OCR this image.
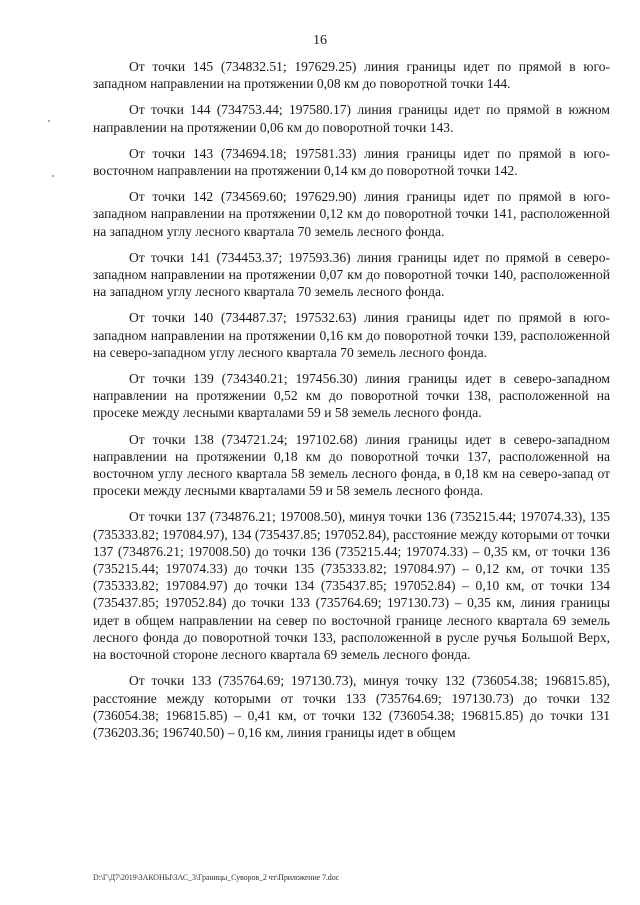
16

От точки 145 (734832.51; 197629.25) линия границы идет по прямой в юго-западном направлении на протяжении 0,08 км до поворотной точки 144.

От точки 144 (734753.44; 197580.17) линия границы идет по прямой в южном направлении на протяжении 0,06 км до поворотной точки 143.

От точки 143 (734694.18; 197581.33) линия границы идет по прямой в юго-восточном направлении на протяжении 0,14 км до поворотной точки 142.

От точки 142 (734569.60; 197629.90) линия границы идет по прямой в юго-западном направлении на протяжении 0,12 км до поворотной точки 141, расположенной на западном углу лесного квартала 70 земель лесного фонда.

От точки 141 (734453.37; 197593.36) линия границы идет по прямой в северо-западном направлении на протяжении 0,07 км до поворотной точки 140, расположенной на западном углу лесного квартала 70 земель лесного фонда.

От точки 140 (734487.37; 197532.63) линия границы идет по прямой в юго-западном направлении на протяжении 0,16 км до поворотной точки 139, расположенной на северо-западном углу лесного квартала 70 земель лесного фонда.

От точки 139 (734340.21; 197456.30) линия границы идет в северо-западном направлении на протяжении 0,52 км до поворотной точки 138, расположенной на просеке между лесными кварталами 59 и 58 земель лесного фонда.

От точки 138 (734721.24; 197102.68) линия границы идет в северо-западном направлении на протяжении 0,18 км до поворотной точки 137, расположенной на восточном углу лесного квартала 58 земель лесного фонда, в 0,18 км на северо-запад от просеки между лесными кварталами 59 и 58 земель лесного фонда.

От точки 137 (734876.21; 197008.50), минуя точки 136 (735215.44; 197074.33), 135 (735333.82; 197084.97), 134 (735437.85; 197052.84), расстояние между которыми от точки 137 (734876.21; 197008.50) до точки 136 (735215.44; 197074.33) – 0,35 км, от точки 136 (735215.44; 197074.33) до точки 135 (735333.82; 197084.97) – 0,12 км, от точки 135 (735333.82; 197084.97) до точки 134 (735437.85; 197052.84) – 0,10 км, от точки 134 (735437.85; 197052.84) до точки 133 (735764.69; 197130.73) – 0,35 км, линия границы идет в общем направлении на север по восточной границе лесного квартала 69 земель лесного фонда до поворотной точки 133, расположенной в русле ручья Большой Верх, на восточной стороне лесного квартала 69 земель лесного фонда.

От точки 133 (735764.69; 197130.73), минуя точку 132 (736054.38; 196815.85), расстояние между которыми от точки 133 (735764.69; 197130.73) до точки 132 (736054.38; 196815.85) – 0,41 км, от точки 132 (736054.38; 196815.85) до точки 131 (736203.36; 196740.50) – 0,16 км, линия границы идет в общем

D:\Г\Д7\2019\ЗАКОНЫ\ЗАС_3\Границы_Суворов_2 чт\Приложение 7.doc
